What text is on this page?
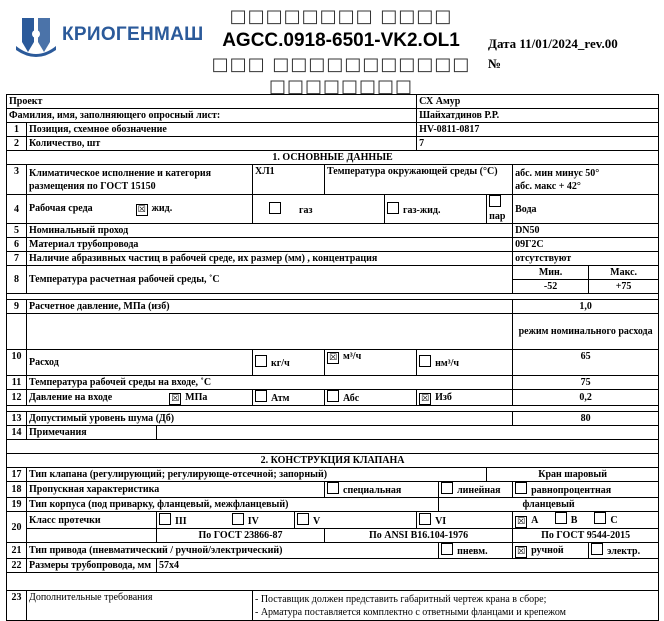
КРИОГЕНМАШ
□□□□□□□□ □□□□
AGCC.0918-6501-VK2.OL1
□□□ □□□□□□□□□□□
□□□□□□□□
Дата 11/01/2024_rev.00
№
Проект							СХ Амур				
Фамилия, имя, заполняющего опросный лист:							Шайхатдинов Р.Р.				
1	Позиция, схемное обозначение						HV-0811-0817				
2	Количество, шт						7				
1. ОСНОВНЫЕ ДАННЫЕ											
3	Климатическое исполнение и категория размещения по ГОСТ 15150		ХЛ1		Температура окружающей среды (°С)					абс. мин минус 50°
абс. макс + 42°	

4	Рабочая среда ☒ жид.		газ			газ-жид.			пар	Вода	
5	Номинальный проход									DN50	
6	Материал трубопровода									09Г2С	
7	Наличие абразивных частиц в рабочей среде, их размер (мм) , концентрация									отсутствуют	
8	Температура расчетная рабочей среды, ˚С									Мин.	Макс.
										-52	+75

9	Расчетное давление, МПа (изб)									1,0	
										режим номинального расхода	
10	Расход		кг/ч		☒ м³/ч		нм³/ч			65	
11	Температура рабочей среды на входе, ˚С									75	
12	Давление на входе ☒ МПа		Атм		Абс		☒ Изб			0,2	

13	Допустимый уровень шума (Дб)									80	
14	Примечания										

2. КОНСТРУКЦИЯ КЛАПАНА											
17	Тип клапана (регулирующий; регулирующе-отсечной; запорный)								Кран шаровый		
18	Пропускная характеристика				специальная			линейная		равнопроцентная	
19	Тип корпуса (под приварку, фланцевый, межфланцевый)							фланцевый			
20	Класс протечки	III IV		V			VI			☒ A B C	
		По ГОСТ 23866-87			По ANSI B16.104-1976					По ГОСТ 9544-2015	
21	Тип привода (пневматический / ручной/электрический)							пневм.		☒ ручной	электр.
22	Размеры трубопровода, мм	57x4									

23	Дополнительные требования		- Поставщик должен представить габаритный чертеж крана в сборе;
- Арматура поставляется комплектно с ответными фланцами и крепежом								
